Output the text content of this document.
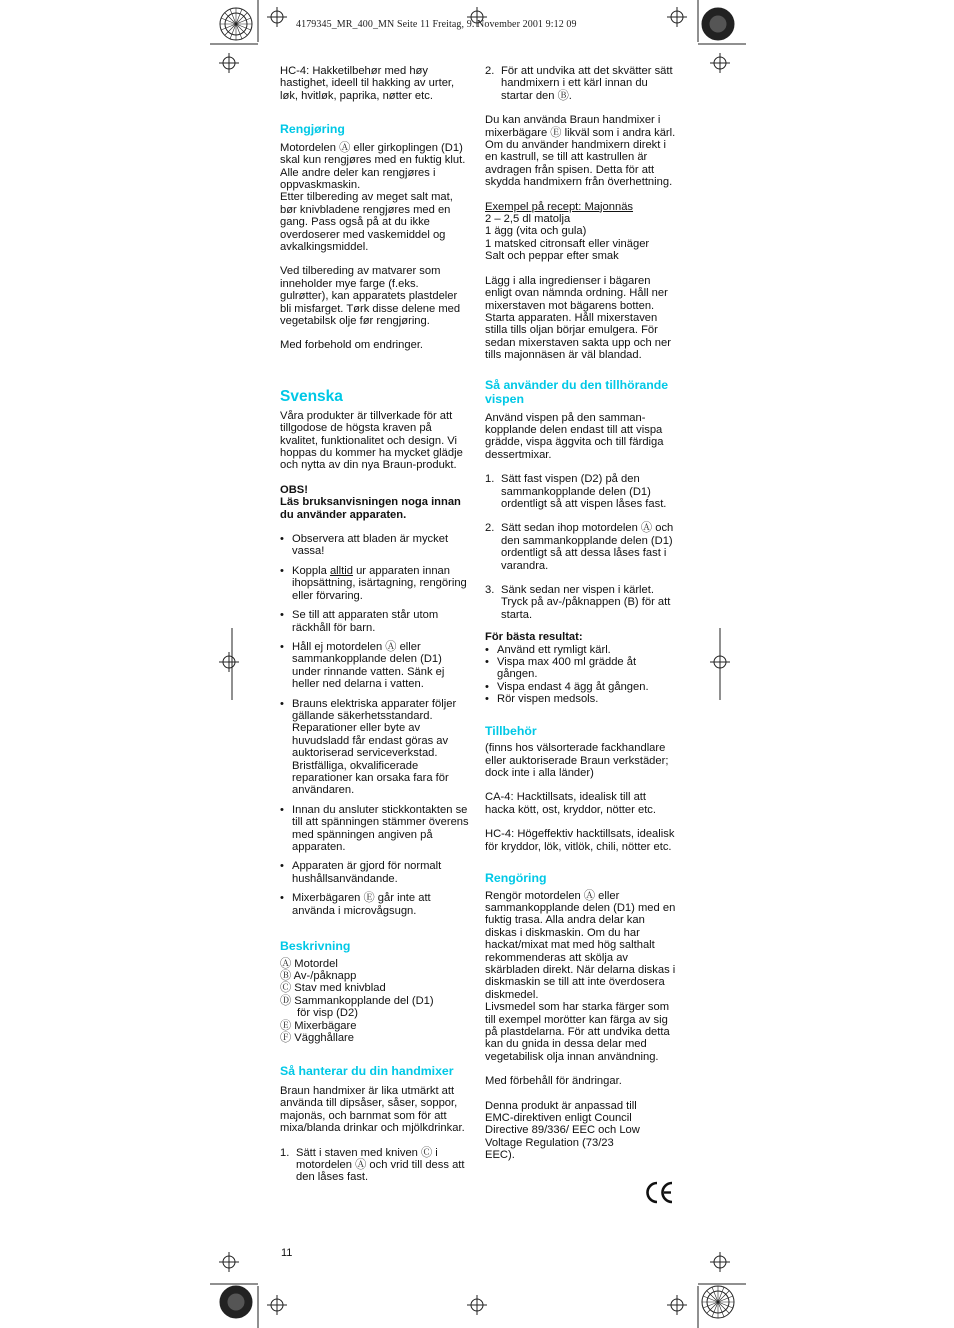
4179345_MR_400_MN Seite 11 Freitag, 9. November 2001 9:12 09

HC-4: Hakketilbehør med høy hastighet, ideell til hakking av urter, løk, hvitløk, paprika, nøtter etc.

Rengjøring

Motordelen Ⓐ eller girkoplingen (D1) skal kun rengjøres med en fuktig klut. Alle andre deler kan rengjøres i oppvaskmaskin.

Etter tilbereding av meget salt mat, bør knivbladene rengjøres med en gang. Pass også på at du ikke overdoserer med vaskemiddel og avkalkingsmiddel.

Ved tilbereding av matvarer som inneholder mye farge (f.eks. gulrøtter), kan apparatets plastdeler bli misfarget. Tørk disse delene med vegetabilsk olje før rengjøring.

Med forbehold om endringer.

Svenska

Våra produkter är tillverkade för att tillgodose de högsta kraven på kvalitet, funktionalitet och design. Vi hoppas du kommer ha mycket glädje och nytta av din nya Braun-produkt.

OBS!

Läs bruksanvisningen noga innan du använder apparaten.

• Observera att bladen är mycket vassa!
• Koppla alltid ur apparaten innan ihopsättning, isärtagning, rengöring eller förvaring.
• Se till att apparaten står utom räckhåll för barn.
• Håll ej motordelen Ⓐ eller sammankopplande delen (D1) under rinnande vatten. Sänk ej heller ned delarna i vatten.
• Brauns elektriska apparater följer gällande säkerhetsstandard. Reparationer eller byte av huvudsladd får endast göras av auktoriserad serviceverkstad. Bristfälliga, okvalificerade reparationer kan orsaka fara för användaren.
• Innan du ansluter stickkontakten se till att spänningen stämmer överens med spänningen angiven på apparaten.
• Apparaten är gjord för normalt hushållsanvändande.
• Mixerbägaren Ⓔ går inte att använda i microvågsugn.
Beskrivning

Ⓐ Motordel

Ⓑ Av-/påknapp

Ⓒ Stav med knivblad

Ⓓ Sammankopplande del (D1)

för visp (D2)

Ⓔ Mixerbägare

Ⓕ Vägghållare

Så hanterar du din handmixer

Braun handmixer är lika utmärkt att använda till dipsåser, såser, soppor, majonäs, och barnmat som för att mixa/blanda drinkar och mjölkdrinkar.

1. Sätt i staven med kniven Ⓒ i motordelen Ⓐ och vrid till dess att den låses fast.
11
2. För att undvika att det skvätter sätt handmixern i ett kärl innan du startar den Ⓑ.

Du kan använda Braun handmixer i mixerbägare Ⓔ likväl som i andra kärl. Om du använder handmixern direkt i en kastrull, se till att kastrullen är avdragen från spisen. Detta för att skydda handmixern från överhettning.

Exempel på recept: Majonnäs

2 – 2,5 dl matolja

1 ägg (vita och gula)

1 matsked citronsaft eller vinäger

Salt och peppar efter smak

Lägg i alla ingredienser i bägaren enligt ovan nämnda ordning. Håll ner mixerstaven mot bägarens botten. Starta apparaten. Håll mixerstaven stilla tills oljan börjar emulgera. För sedan mixerstaven sakta upp och ner tills majonnäsen är väl blandad.

Så använder du den tillhörande vispen

Använd vispen på den samman-kopplande delen endast till att vispa grädde, vispa äggvita och till färdiga dessertmixar.

1. Sätt fast vispen (D2) på den sammankopplande delen (D1) ordentligt så att vispen låses fast.
2. Sätt sedan ihop motordelen Ⓐ och den sammankopplande delen (D1) ordentligt så att dessa låses fast i varandra.
3. Sänk sedan ner vispen i kärlet. Tryck på av-/påknappen (B) för att starta.

För bästa resultat:

• Använd ett rymligt kärl.
• Vispa max 400 ml grädde åt gången.
• Vispa endast 4 ägg åt gången.
• Rör vispen medsols.
Tillbehör

(finns hos välsorterade fackhandlare eller auktoriserade Braun verkstäder; dock inte i alla länder)

CA-4: Hacktillsats, idealisk till att hacka kött, ost, kryddor, nötter etc.

HC-4: Högeffektiv hacktillsats, idealisk för kryddor, lök, vitlök, chili, nötter etc.

Rengöring

Rengör motordelen Ⓐ eller sammankopplande delen (D1) med en fuktig trasa. Alla andra delar kan diskas i diskmaskin. Om du har hackat/mixat mat med hög salthalt rekommenderas att skölja av skärbladen direkt. När delarna diskas i diskmaskin se till att inte överdosera diskmedel.

Livsmedel som har starka färger som till exempel morötter kan färga av sig på plastdelarna. För att undvika detta kan du gnida in dessa delar med vegetabilisk olja innan användning.

Med förbehåll för ändringar.

Denna produkt är anpassad till EMC-direktiven enligt Council Directive 89/336/ EEC och Low Voltage Regulation (73/23 EEC).
